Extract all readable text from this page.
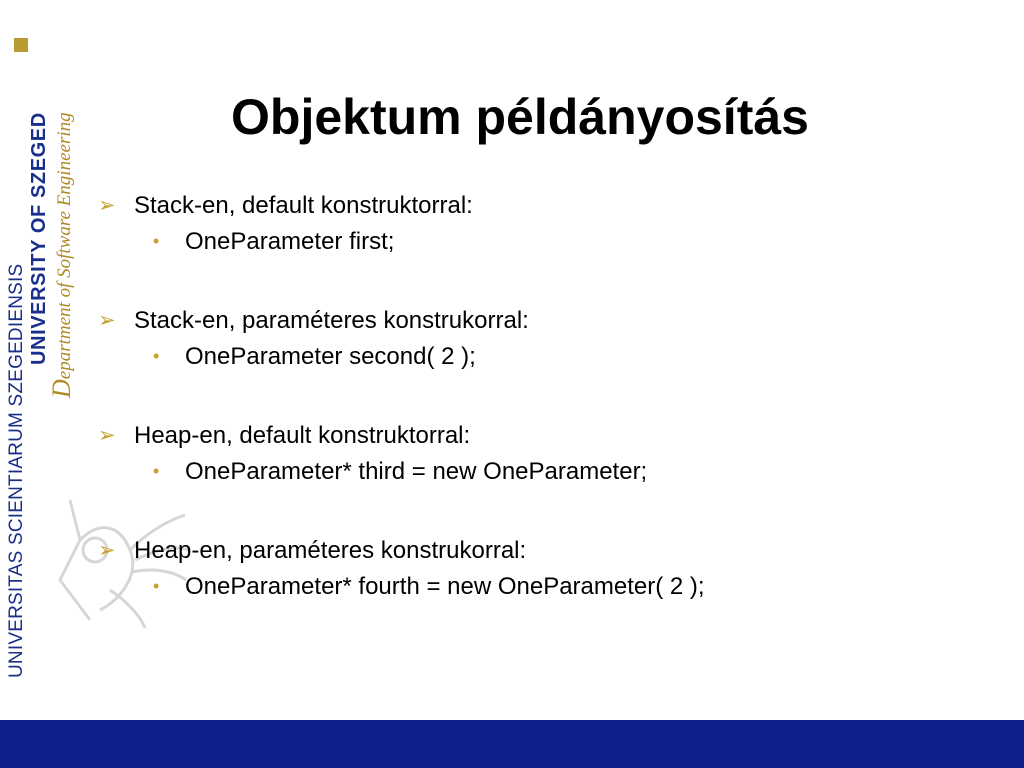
UNIVERSITAS SCIENTIARUM SZEGEDIENSIS
UNIVERSITY OF SZEGED
Department of Software Engineering	Objektum példányosítás
➢ Stack-en, default konstruktorral:
• OneParameter first;
➢ Stack-en, paraméteres konstrukorral:
• OneParameter second( 2 );
➢ Heap-en, default konstruktorral:
• OneParameter* third = new OneParameter;
➢ Heap-en, paraméteres konstrukorral:
• OneParameter* fourth = new OneParameter( 2 );
